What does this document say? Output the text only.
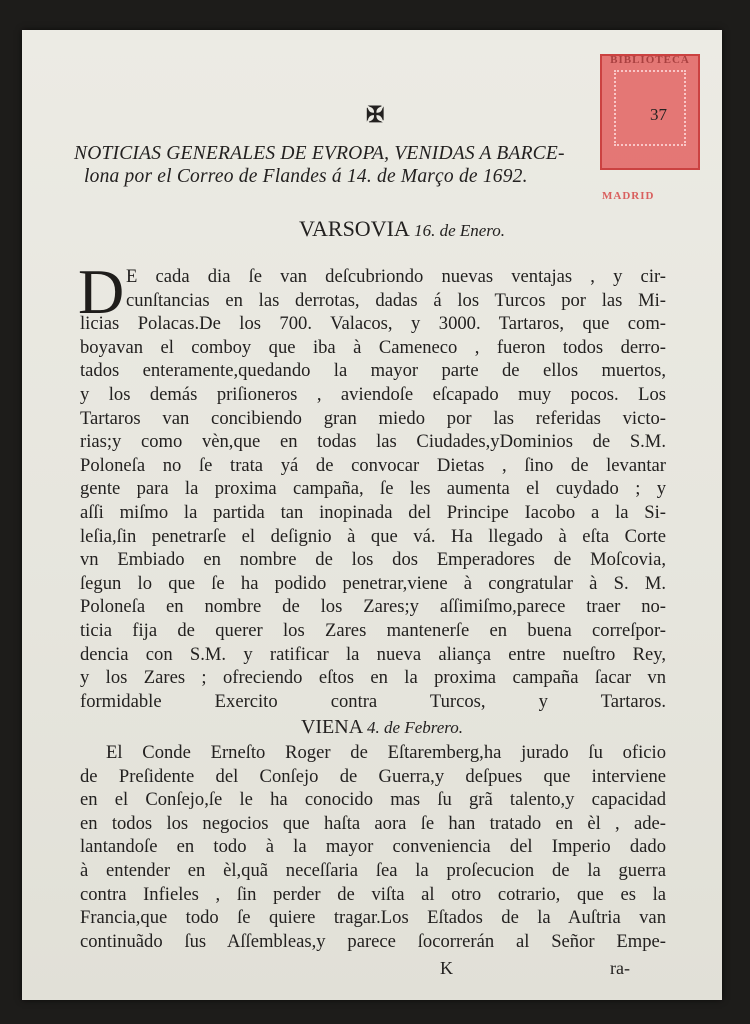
✠
BIBLIOTECA
MADRID
37
NOTICIAS GENERALES DE EVROPA, VENIDAS A BARCE-
lona por el Correo de Flandes á 14. de Março de 1692.
VARSOVIA 16. de Enero.
D E cada dia ſe van deſcubriondo nuevas ventajas , y cir-
cunſtancias en las derrotas, dadas á los Turcos por las Mi-
licias Polacas.De los 700. Valacos, y 3000. Tartaros, que com-
boyavan el comboy que iba à Cameneco , fueron todos derro-
tados enteramente,quedando la mayor parte de ellos muertos,
y los demás priſioneros , aviendoſe eſcapado muy pocos. Los
Tartaros van concibiendo gran miedo por las referidas victo-
rias;y como vèn,que en todas las Ciudades,yDominios de S.M.
Poloneſa no ſe trata yá de convocar Dietas , ſino de levantar
gente para la proxima campaña, ſe les aumenta el cuydado ; y
aſſi miſmo la partida tan inopinada del Principe Iacobo a la Si-
leſia,ſin penetrarſe el deſignio à que vá. Ha llegado à eſta Corte
vn Embiado en nombre de los dos Emperadores de Moſcovia,
ſegun lo que ſe ha podido penetrar,viene à congratular à S. M.
Poloneſa en nombre de los Zares;y aſſimiſmo,parece traer no-
ticia fija de querer los Zares mantenerſe en buena correſpor-
dencia con S.M. y ratificar la nueva aliança entre nueſtro Rey,
y los Zares ; ofreciendo eſtos en la proxima campaña ſacar vn
formidable Exercito contra Turcos, y Tartaros.
VIENA 4. de Febrero.
El Conde Erneſto Roger de Eſtaremberg,ha jurado ſu oficio
de Preſidente del Conſejo de Guerra,y deſpues que interviene
en el Conſejo,ſe le ha conocido mas ſu grã talento,y capacidad
en todos los negocios que haſta aora ſe han tratado en èl , ade-
lantandoſe en todo à la mayor conveniencia del Imperio dado
à entender en èl,quã neceſſaria ſea la proſecucion de la guerra
contra Infieles , ſin perder de viſta al otro cotrario, que es la
Francia,que todo ſe quiere tragar.Los Eſtados de la Auſtria van
continuãdo ſus Aſſembleas,y parece ſocorrerán al Señor Empe-
K	ra-
